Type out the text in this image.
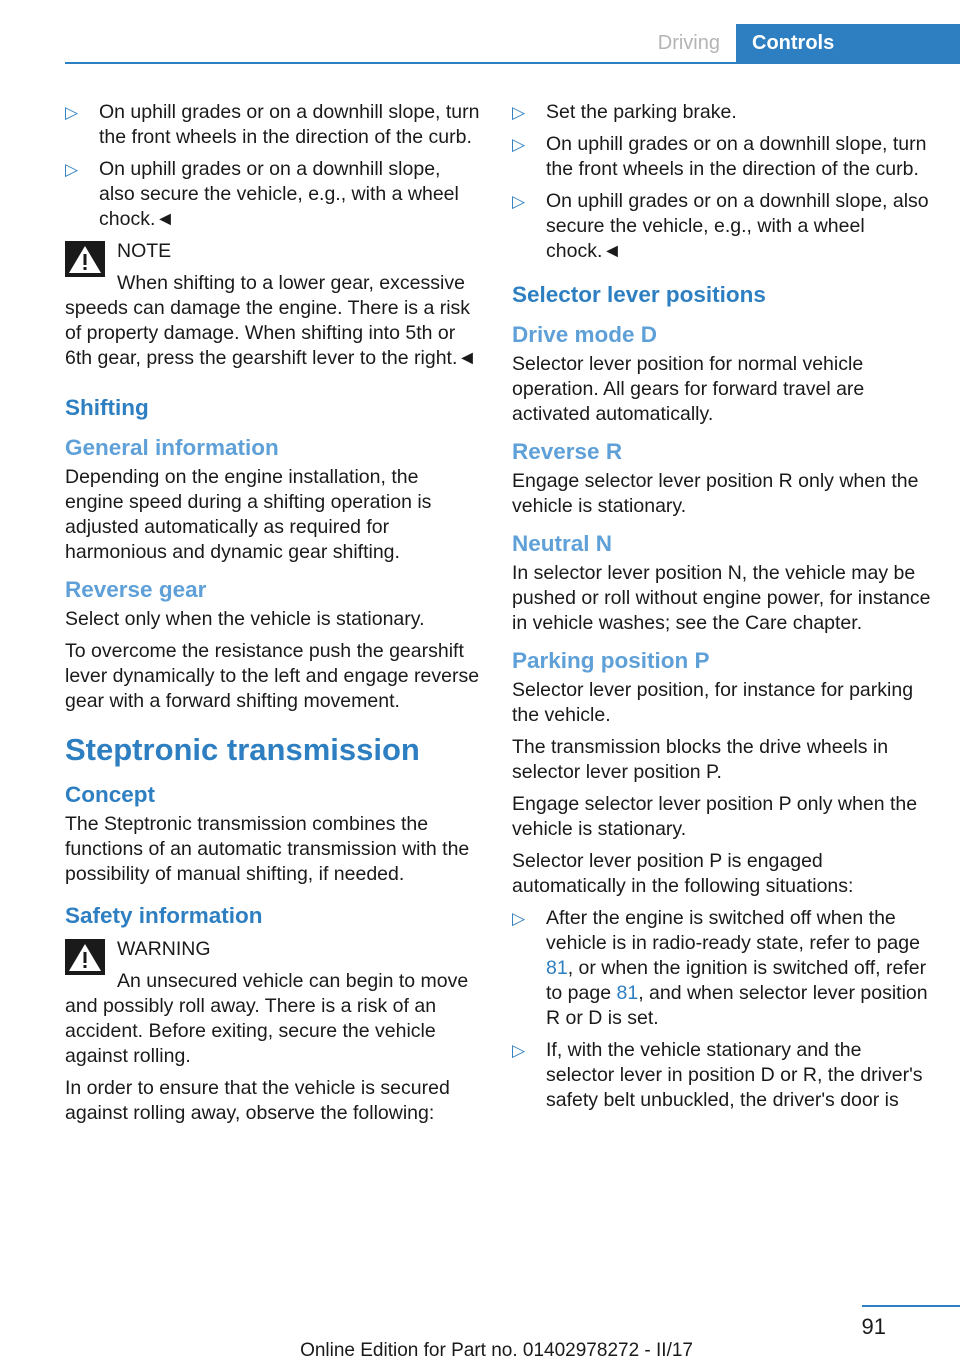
Driving	Controls
▷ On uphill grades or on a downhill slope, turn the front wheels in the direction of the curb.
▷ On uphill grades or on a downhill slope, also secure the vehicle, e.g., with a wheel chock.◄
NOTE

When shifting to a lower gear, excessive speeds can damage the engine. There is a risk of property damage. When shifting into 5th or 6th gear, press the gearshift lever to the right.◄

Shifting
General information

Depending on the engine installation, the engine speed during a shifting operation is adjusted automatically as required for harmonious and dynamic gear shifting.

Reverse gear

Select only when the vehicle is stationary.

To overcome the resistance push the gearshift lever dynamically to the left and engage reverse gear with a forward shifting movement.

Steptronic transmission
Concept

The Steptronic transmission combines the functions of an automatic transmission with the possibility of manual shifting, if needed.

Safety information
WARNING

An unsecured vehicle can begin to move and possibly roll away. There is a risk of an accident. Before exiting, secure the vehicle against rolling.

In order to ensure that the vehicle is secured against rolling away, observe the following:

▷ Set the parking brake.
▷ On uphill grades or on a downhill slope, turn the front wheels in the direction of the curb.
▷ On uphill grades or on a downhill slope, also secure the vehicle, e.g., with a wheel chock.◄
Selector lever positions
Drive mode D

Selector lever position for normal vehicle operation. All gears for forward travel are activated automatically.

Reverse R

Engage selector lever position R only when the vehicle is stationary.

Neutral N

In selector lever position N, the vehicle may be pushed or roll without engine power, for instance in vehicle washes; see the Care chapter.

Parking position P

Selector lever position, for instance for parking the vehicle.

The transmission blocks the drive wheels in selector lever position P.

Engage selector lever position P only when the vehicle is stationary.

Selector lever position P is engaged automatically in the following situations:

▷ After the engine is switched off when the vehicle is in radio-ready state, refer to page 81, or when the ignition is switched off, refer to page 81, and when selector lever position R or D is set.
▷ If, with the vehicle stationary and the selector lever in position D or R, the driver's safety belt unbuckled, the driver's door is
91
Online Edition for Part no. 01402978272 - II/17
